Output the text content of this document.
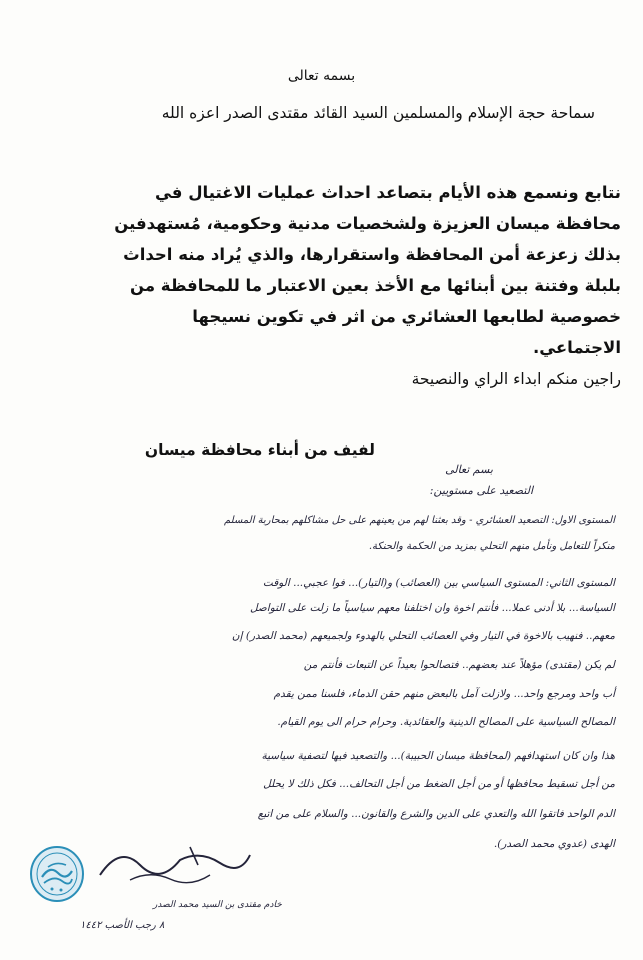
بسمه تعالى
سماحة حجة الإسلام والمسلمين السيد القائد مقتدى الصدر اعزه الله
نتابع ونسمع هذه الأيام بتصاعد احداث عمليات الاغتيال في
محافظة ميسان العزيزة ولشخصيات مدنية وحكومية، مُستهدفين
بذلك زعزعة أمن المحافظة واستقرارها، والذي يُراد منه احداث
بلبلة وفتنة بين أبنائها مع الأخذ بعين الاعتبار ما للمحافظة من
خصوصية لطابعها العشائري من اثر في تكوين نسيجها
الاجتماعي.
راجين منكم ابداء الراي والنصيحة
لفيف من أبناء محافظة ميسان
بسم تعالى
التصعيد على مستويين:
المستوى الاول: التصعيد العشائري - وقد بعثنا لهم من يعينهم على حل مشاكلهم بمحاربة المسلم
منكراً للتعامل ونأمل منهم التحلي بمزيد من الحكمة والحنكة.
المستوى الثاني: المستوى السياسي بين (العصائب) و(التيار)... فوا عجبي... الوقت
السياسة... بلا أدنى عملا... فأنتم اخوة وان اختلفنا معهم سياسياً ما زلت على التواصل
معهم.. فنهيب بالاخوة في التيار وفي العصائب التحلي بالهدوء ولجميعهم (محمد الصدر) إن
لم يكن (مقتدى) مؤهلاً عند بعضهم.. فتصالحوا بعيداً عن التبعات فأنتم من
أب واحد ومرجع واحد... ولازلت آمل بالبعض منهم حقن الدماء، فلسنا ممن يقدم
المصالح السياسية على المصالح الدينية والعقائدية. وحرام حرام الى يوم القيام.
هذا وان كان استهدافهم (لمحافظة ميسان الحبيبة)... والتصعيد فيها لتصفية سياسية
من أجل تسقيط محافظها أو من أجل الضغط من أجل التحالف... فكل ذلك لا يحلل
الدم الواحد فاتقوا الله والتعدي على الدين والشرع والقانون... والسلام على من اتبع
الهدى (عدوي محمد الصدر).
خادم مقتدى بن السيد محمد الصدر
٨ رجب الأصب ١٤٤٢
